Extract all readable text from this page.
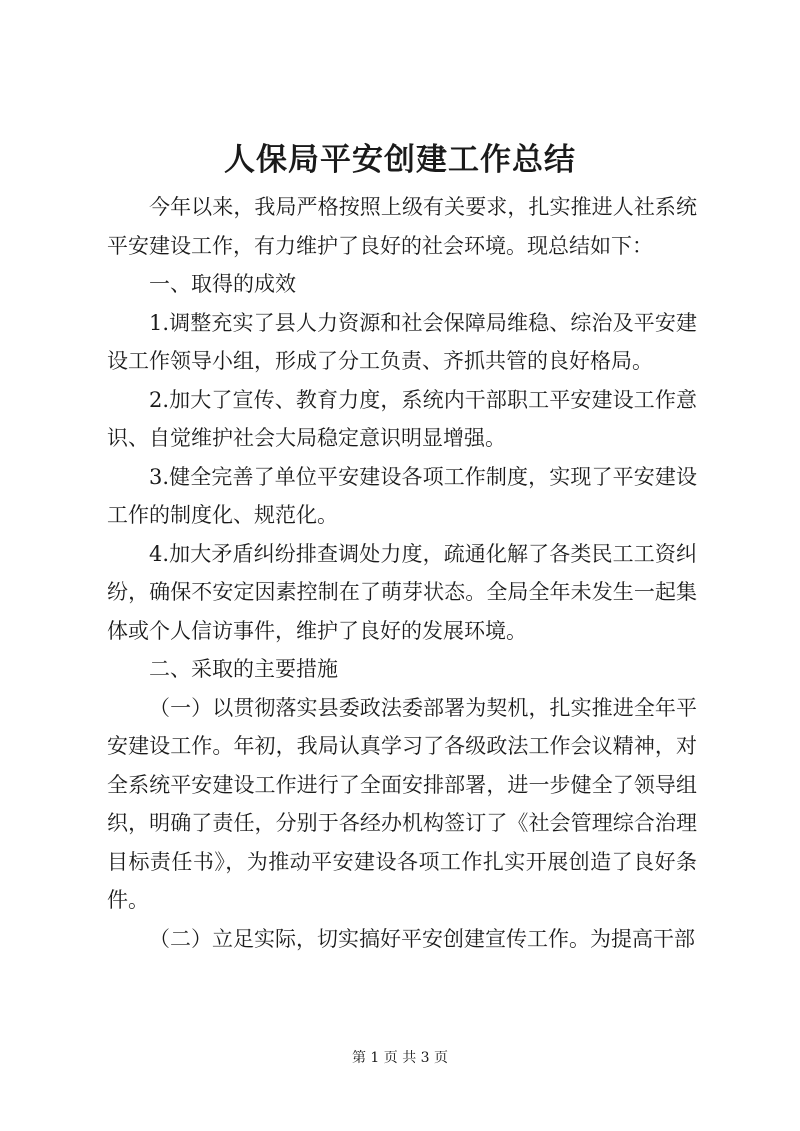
人保局平安创建工作总结

今年以来，我局严格按照上级有关要求，扎实推进人社系统平安建设工作，有力维护了良好的社会环境。现总结如下：

一、取得的成效

1.调整充实了县人力资源和社会保障局维稳、综治及平安建设工作领导小组，形成了分工负责、齐抓共管的良好格局。

2.加大了宣传、教育力度，系统内干部职工平安建设工作意识、自觉维护社会大局稳定意识明显增强。

3.健全完善了单位平安建设各项工作制度，实现了平安建设工作的制度化、规范化。

4.加大矛盾纠纷排查调处力度，疏通化解了各类民工工资纠纷，确保不安定因素控制在了萌芽状态。全局全年未发生一起集体或个人信访事件，维护了良好的发展环境。

二、采取的主要措施

（一）以贯彻落实县委政法委部署为契机，扎实推进全年平安建设工作。年初，我局认真学习了各级政法工作会议精神，对全系统平安建设工作进行了全面安排部署，进一步健全了领导组织，明确了责任，分别于各经办机构签订了《社会管理综合治理目标责任书》，为推动平安建设各项工作扎实开展创造了良好条件。

（二）立足实际，切实搞好平安创建宣传工作。为提高干部

第 1 页 共 3 页
